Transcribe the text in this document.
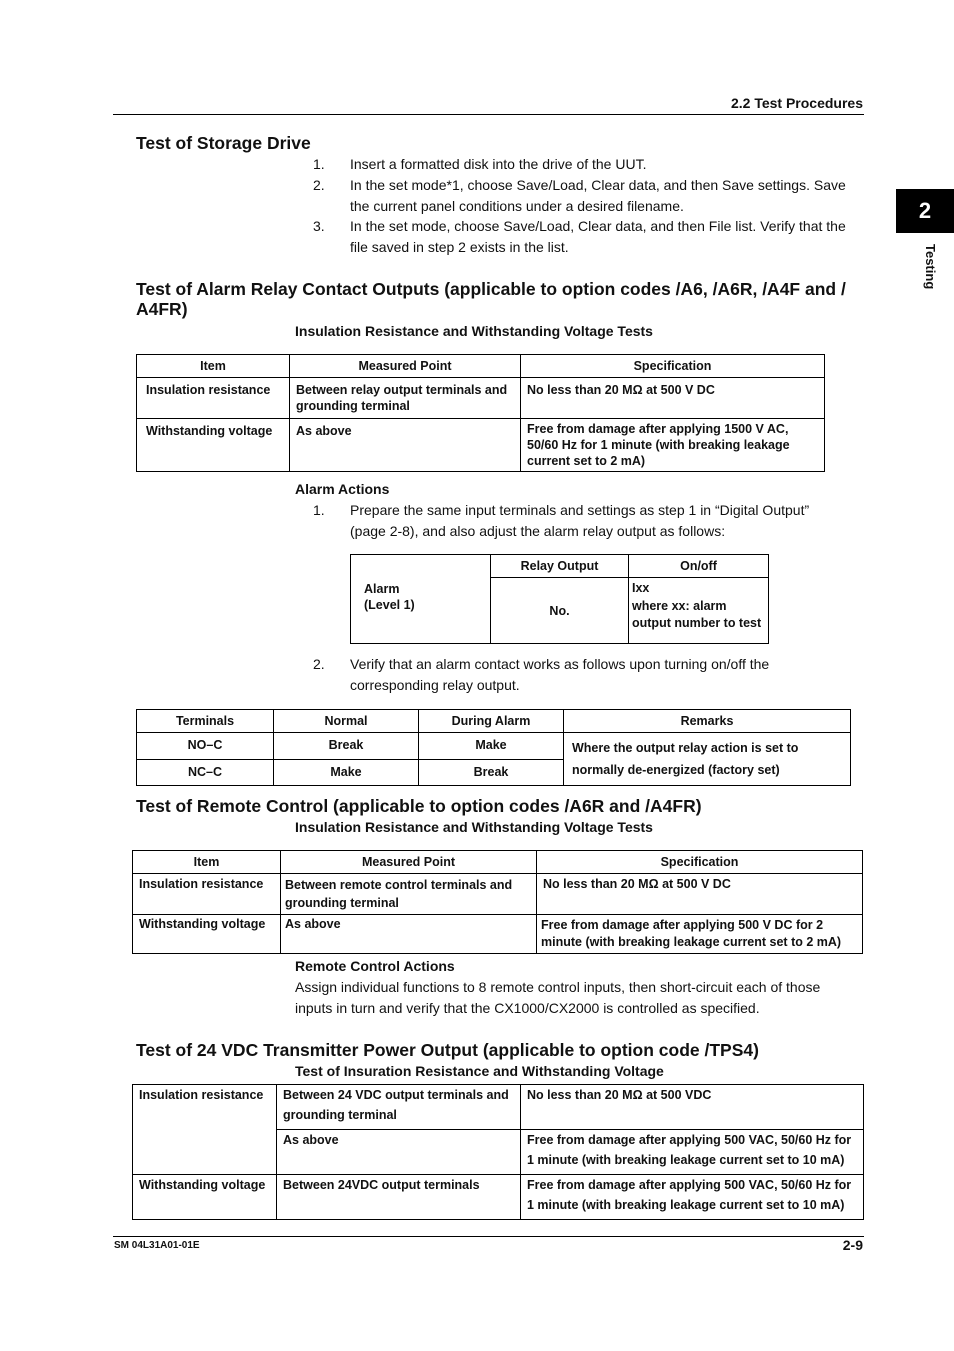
2.2 Test Procedures
2
Testing
Test of Storage Drive
1. Insert a formatted disk into the drive of the UUT.
2. In the set mode*1, choose Save/Load, Clear data, and then Save settings. Save
the current panel conditions under a desired filename.
3. In the set mode, choose Save/Load, Clear data, and then File list. Verify that the
file saved in step 2 exists in the list.
Test of Alarm Relay Contact Outputs (applicable to option codes /A6, /A6R, /A4F and /
A4FR)
Insulation Resistance and Withstanding Voltage Tests
Item	Measured Point	Specification
Insulation resistance	Between relay output terminals and grounding terminal	No less than 20 MΩ at 500 V DC
Withstanding voltage	As above	Free from damage after applying 1500 V AC, 50/60 Hz for 1 minute (with breaking leakage current set to 2 mA)
Alarm Actions
1. Prepare the same input terminals and settings as step 1 in “Digital Output”
(page 2-8), and also adjust the alarm relay output as follows:
	Relay Output	On/off
Alarm
(Level 1)	No.	Ixx
where xx: alarm
output number to test
2. Verify that an alarm contact works as follows upon turning on/off the
corresponding relay output.
Terminals	Normal	During Alarm	Remarks
NO–C	Break	Make	Where the output relay action is set to
normally de-energized (factory set)
NC–C	Make	Break	
Test of Remote Control (applicable to option codes /A6R and /A4FR)
Insulation Resistance and Withstanding Voltage Tests
Item	Measured Point	Specification
Insulation resistance	Between remote control terminals and grounding terminal	No less than 20 MΩ at 500 V DC
Withstanding voltage	As above	Free from damage after applying 500 V DC for 2 minute (with breaking leakage current set to 2 mA)
Remote Control Actions
Assign individual functions to 8 remote control inputs, then short-circuit each of those
inputs in turn and verify that the CX1000/CX2000 is controlled as specified.
Test of 24 VDC Transmitter Power Output (applicable to option code /TPS4)
Test of Insuration Resistance and Withstanding Voltage
Insulation resistance	Between 24 VDC output terminals and grounding terminal	No less than 20 MΩ at 500 VDC
	As above	Free from damage after applying 500 VAC, 50/60 Hz for 1 minute (with breaking leakage current set to 10 mA)
Withstanding voltage	Between 24VDC output terminals	Free from damage after applying 500 VAC, 50/60 Hz for 1 minute (with breaking leakage current set to 10 mA)
SM 04L31A01-01E	2-9
